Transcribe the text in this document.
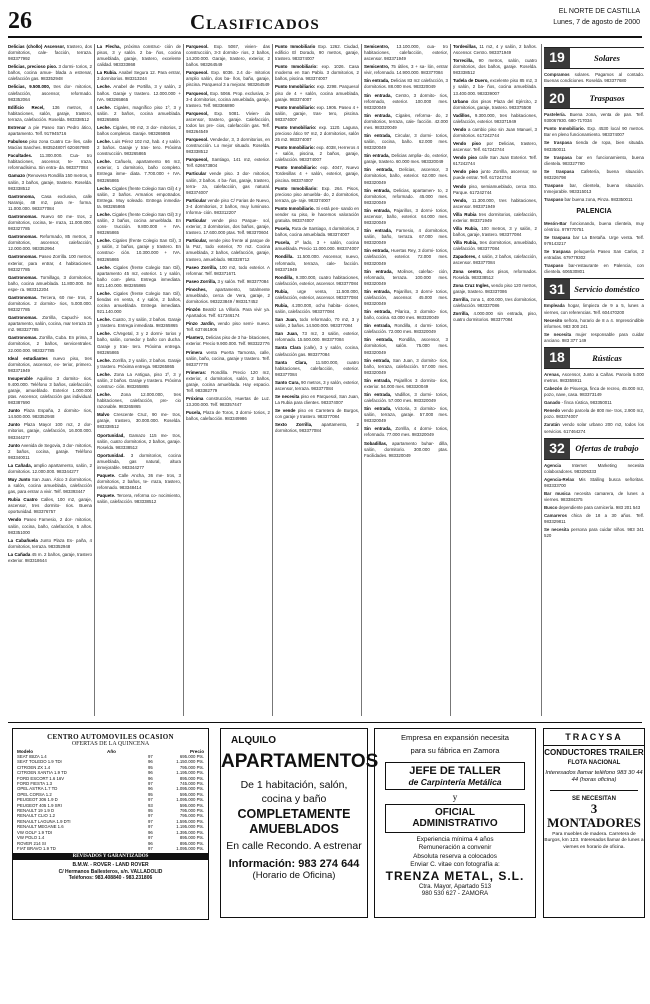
26	Clasificados	EL NORTE DE CASTILLA
Lunes, 7 de agosto de 2000

Delicias (chollo) Ascensor, trastero, dos dormitorios, cale- facción, terraza. 983377992

Delicias, precioso piso. 3 dormi- torios, 2 baños, cocina amue- blada a estrenar, calefacción gas. 983352948

Delicias, 9.500.000, tres dor- mitorios, calefacción, ascensor, reformado. 983352064

Edificio Recel, 136 metros, 4 habitaciones, salón, garaje, trastero, terraza, calefacción. Roselda. 983338512

Estrenar a pie Paseo San Pedro ático, apartamento. Telf. 917945716

Fabuloso piso zona Cuatro Ca- lles, calle Macías Sanches. 983524807/ 620467980

Facultades. 11.300.000. Cua- tro habitaciones, ascensor, te- rraza, reformadísimo. Sin entra- da. 983377084

Gamazo (Renovera Rondilla 150 metros, 5 salón, 3 baños, garaje, trastero. Roselda. 983338512

Gastronoma, Casa exclusiva, calle Naranjo, 48 m2, para re- forma. 11.000.000. 983377084

Gastronomas. Nuevo 60 me- tros, 2 dormitorios, cocina, te- rraza, 11.000.000. 983327785

Gastronomas. Reformado, 85 metros, 3 dormitorios, ascensor, calefacción, 12.000.000. 983352964

Gastronomas. Paseo Zorrilla. 100 metros, exterior, para entrar, 4 habitaciones. 983327785

Gastronomas. Tornillago, 3 dormitorios, baño, cocina amueblada. 11.800.000. Se espe- ra. 983312204

Gastronomas. Tercera, 60 me- tros, 2 dormitorios. 2 dormito- rios, 5.000.000. 983327785

Gastronomas. Zorrilla, Capuchi- nos, apartamento, salón, cocina, mar terraza 15 m2. 983327785

Gastronomas. Zorrilla, Cuba. En prima, 3 dormitorios, 2 baños, servicentrales. 22.000.000. 983327785

Ideal estudiantes nuevo piso, tres dormitorios, ascensor, ex- terior, primero. 983371949

Insuperable Aquilino 3 dormito- rios. 9.400.000. Teléfono 3 baños, calefacción, garaje, amueblado. Exterior 1.000.000 ptas. Ascensor, calefacción gas individual. 983387690

Junto Plaza España, 2 dormito- rios, 14.500.000. 983352948

Junto Plaza Mayor 100 m2, 2 dor- mitorios, garaje, calefacción, 16.000.000. 983344277

Junto Avenida de Segovia, 3 dor- mitorios, 2 baños, cocina, garaje. Teléfono 983340011

La Cañada, amplio apartamento, salón, 2 dormitorios. 12.000.000. 983344277

Muy Junto San Juan. Ático 3 dormitorios, a salón, cocina amueblada, calefacción gas, para entrar a vivir. Telf. 983393447

Rubia Cuatro Calles, 100 m2, garaje, ascensor, tres dormito- rios. Buena oportunidad. 983376757

Vendo Paseo Farnesio, 2 dor- mitorios, salón, cocina, baño, calefacción, 5 años. 983351000

La Cabañuela Junto Plaza Es- paña, 4 dormitorios, terraza. 983352948

La Cañada 45 m. 2 baños, garaje, trastero exterior. 983318644

La Flecha, próxima construc- ción de pisos, 3 y salón. 2 ba- ños, cocina amueblada, garaje, trastero, excelente calidad. 983333868

La Rubia. Anabel Segura 12. Para entrar, 3 dormitorios. 983313244

Leche. Anabel de Portilla, 3 y salón, 2 baños. Garaje y trastero. 12.000.000 + IVA. 983265865

Leche. Cigales, magnífico piso 1º, 3 y salón. 2 baños, cocina amueblada. 983265865

Leche. Cigales, 90 m2, 3 dor- mitorios, 2 baños completos. Garaje. 983265865

Leche. Luis Pérez 102 m2, hab. 4 y salón. 2 baños. Garaje y tras- tero. Próxima construcción. 983265865

Leche. Cañuelo, apartamento 66 m2, exterior, 1 dormitorio, baño completo. Entrega inme- diata. 7.700.000 + IVA. 983265865

Leche. Cigales (frente Colegio San Gil) 4 y salón, 2 baños. Armarios empotrados. Entrega. Muy soleado. Entrega inmedia- ta. 983265865

Leche. Cigales (frente Colegio San Gil) 3 y salón, 2 baños, cocina amueblada. En cons- trucción. 9.800.000 + IVA. 983265865

Leche. Cigales (frente Colegio San Gil), 3 y salón, 2 baños, garaje y trastero. En construc- ción. 10.300.000 + IVA. 983265865

Leche. Cigales (frente Colegio San Gil), apartamento 45 m2, exterior. 1 y salón, baño com- pleto. Entrega inmediata. 921.140.000. 983265865

Leche. Cigales (frente Colegio San Gil), tiendas en venta, 4 y salón, 2 baños, cocina amueblada. Entrega inmediata. 921.140.000

Leche. Cuatro, 3 y salón, 2 baños. Garaje y trastero. Entrega inmediata. 983265865

Leche. C/Vegetal, 3 y 2 dormi- torios y baño, salón, comedor y baño con ducha. Garaje y tras- tero. Próxima entrega. 983265865

Leche. Zorrilla, 2 y salón, 2 baños. Garaje y trastero. Próxima entrega. 983265865

Leche. Zona La Antigua, piso 1º, 3 y salón, 2 baños. Garaje y trastero. Próxima construc- ción. 983265865

Leche. Zona 12.000.000, tres habitaciones, calefacción, pre- cio razonable. 983265865

Malvo Crescente Cruz, 90 me- tros, garaje, trastero, 30.000.000. Roselda. 983338512

Oportunidad, Gamazo 115 me- tros, salón, cuatro dormitorios, 2 baños, garaje. Roselda. 983338512

Oportunidad. 3 dormitorios, cocina amueblada, gas natural, altura inmejorable. 983344277

Paquete. Calle Ancha, 36 me- tros, 3 dormitorios, 2 baños, te- rraza, trastero, reformado. 983348414

Paquete. Tercera, reforma co- nocimiento, salón, calefacción. 983338512

Parquesol. Exp. 5067, vivien- das construcción, 3-3 dormito- rios, 2 baños, 14.200.000. Garaje, trastero, exterior, 2 baños. 983264549

Parquesol. Exp. 6036. 2.4 do- mitorios amplio salón, dos ba- ños, baño, garaje, piscina. Parquesol 3 a mejorar. 983264549

Parquesol, Exp. 5066. Prop. exclusiva, 2-3-4 dormitorios, cocina amueblada, garaje, trastero. Telf. 983366890

Parquesol, Exp. 5081. Vivien- da ascensor, trastero, garaje. Calefacción, todos los pre- cios, calefacción gas. Telf. 983264549

Parquesol. Vendedor, 3, 3 dormitorios, en construcción. Lo mejor situado. Roselda. 983338512

Parquesol, Santiago, 141 m2, exterior. Telf. 626673804

Particular vende piso. 3 dor- mitorios, salón, 2 baños. 4 ba- ños, garaje, trastero, terra- za, calefacción, gas natural. 983374007

Particular vende piso C/ Farias de Nuevo, 3-4 dormitorios, 2 baños, muy luminoso. Informa- ción. 983312207

Particular vende piso Parque- sol, exterior, 3 dormitorios, dos baños, garaje, trastero. 17.600.000 ptas. Telf. 983370604

Particular, vende piso frente al parque de la Paz, todo exterior, 70 m2. Cocina amueblada, 2 baños, calefacción, garaje, trastero, amueblado. 983328712

Paseo Zorrilla, 100 m2, todo exterior. A reformar. Telf. 983371671

Paseo Zorrilla, 3 y salón. Telf. 983377084

Pinoches, apartamento, totalmente amueblado, cerca de Vera, garaje, 2 dormitorios. 983223849 / 983317452

Pinzón Beatriz La Villoria. Para vivir ya. Apartados. Telf. 617346174

Pinzo Jardín, vendo piso semi- nuevo. Telf. 637461906

Planterz, Delicias piso de 3 ha- bitaciones, exterior. Precio 9.900.000. Telf. 983322776

Primera venta Puerta Tarnonta, calle, salón, baño, cocina, garaje y trastero. Telf. 983377778

Primeras: Rondilla. Precio 120 m2, exterior, 4 dormitorios, salón, 2 baños, garaje, cocina amueblada. Hay espacio. Telf. 983382779

Próxima construcción, Huertas de Luz. 13.200.000. Telf. 983357447

Pucela, Plaza de Toros, 3 dormi- torios, 2 baños, calefacción. 983349986

Punto Inmobiliario Exp. 1262. Ciudad, edificio El Dorado, 90 metros, garaje, trastero. 983374007

Punto Inmobiliario: exp. 1026. Casa moderna en San Pablo. 3 dormitorios, 2 baños, piscina. 983374007

Punto Inmobiliario: exp. 2298. Parquesol piso de 4 + salón, cocina amueblada, garaje. 983374007

Punto Inmobiliario: exp. 1906. Paseo 4 + salón, garaje, tras- tero, piscina. 983374007

Punto Inmobiliario: exp. 1120. Laguna, precioso ático 97 m2, 2 dormitorios, salón 25 m2. 983374007

Punto Inmobiliario: exp. 4038, Herreros 4 + salón, piscina, 2 baños, garaje, calefacción. 983374007

Punto Inmobiliario: exp. 4047, Nuevo Tordesillas 4 + salón, exterior, garaje, piscina. 983374007

Punto Inmobiliario: Exp. 264. Pisos, precioso piso amuebla- do, 2 dormitorios, terraza, ga- raje. 983374007

Punto Inmobiliario. Si está pen- sando en vender su piso, le hacemos valoración gratuita. 983374007

Pucela, Ruta de Santiago, 4 dormitorios, 2 baños, cocina amueblada. 983374007

Pucela, 2ª lado, 3 + salón, cocina amueblada. Precio 11.000.000. 983374007

Rondilla. 11.500.000. Ascensor, nuevo, reformado, terraza, cale- facción. 983371949

Rondilla, 9.300.000, cuatro habitaciones, calefacción, exterior, ascensor. 983377084

Rubia, urge venta, 11.500.000, calefacción, exterior, ascensor. 983377084

Rubia, 4.200.000, ocho habita- ciones, salón, calefacción. 983377084

San Juan, todo reformado, 70 m2, 3 y salón, 2 baños. 14.500.000. 983377084

San Juan, 73 m2, 3 salón, exterior, reformado. 15.500.000. 983377084

Santa Clara (calle), 3 y salón, cocina, calefacción gas. 983377084

Santa Clara, 11.500.000, cuatro habitaciones, calefacción, exterior. 983377084

Santo Cura, 90 metros, 3 y salón, exterior, ascensor, terraza. 983377084

Se necesita piso en Parquesol, San Juan, La Rubia para clientes. 983374007

Se vende piso en Carretera de Burgos, con garaje y trastero. 983377084

Sexto Zorrilla, apartamento, 2 dormitorios, 983377084

Semicentro, 13.100.000, cua- tro habitaciones, calefacción, exterior, ascensor. 983371949

Semicentro, 75 útiles, 3 + sa- lón, entrar vivir, reformado. 14.900.000. 983377084

Sin entrada, Delicias 83 m2 calefacción, 3 dormitorios. 88.000 mes. 983320049

Sin entrada, Centro, 3 dormito- rios, reformado, exterior. 100.000 mes. 983320049

Sin entrada, Cigales, reforma- do, 2 dormitorios, terraza, cale- facción. 42.000 mes. 983320049

Sin entrada, Circular, 3 dormi- torios, salón, cocina, baño. 62.000 mes. 983320049

Sin entrada, Delicias amplia- do, exterior, garaje, trastero. 60.000 mes. 983320049

Sin entrada, Delicias, ascensor, 3 dormitorios, baño, exterior. 62.000 mes. 983320049

Sin entrada, Delicias, apartamen- to, 2 dormitorios, reformado. 45.000 mes. 983320049

Sin entrada, Pajarillos, 3 dormi- torios, ascensor, baño, exterior. 64.000 mes. 983320049

Sin entrada, Farnesio, 4 dormitorios, salón, baño, terraza. 67.000 mes. 983320049

Sin entrada, Huertas Rey, 3 dormi- torios, calefacción, exterior. 72.000 mes. 983320049

Sin entrada, Molinos, calefac- ción, reformado, terraza. 100.000 mes. 983320049

Sin entrada, Pajarillos, 3 dormi- torios, calefacción, ascensor. 45.000 mes. 983320049

Sin entrada, Pilarica, 3 dormito- rios, baño, cocina. 63.000 mes. 983320049

Sin entrada, Rondilla, 4 dormi- torios, calefacción. 72.000 mes. 983320049

Sin entrada, Rondilla, ascensor, 3 dormitorios, salón. 75.000 mes. 983320049

Sin entrada, San Juan, 3 dormito- rios, baño, terraza, calefacción. 57.000 mes. 983320049

Sin entrada, Pajarillos 3 dormito- rios, exterior. 54.000 mes. 983320049

Sin entrada, Vadillos, 3 dormi- torios, calefacción. 57.000 mes. 983320049

Sin entrada, Victoria, 3 dormito- rios, salón, terraza, garaje. 57.000 mes. 983320049

Sin entrada, Zorrilla, 4 dormi- torios, reformado. 77.000 mes. 983320049

Sobadillas, apartamento buhar- dilla, salón, dormitorio. 300.000 ptas. Facilidades. 983320049

Tordesillas, 11 m2, 4 y salón, 2 baños. Ascensor. Centro. 983371949

Torrecilla, 90 metros, salón, cuatro dormitorios, dos baños, garaje. Roselda. 983338512

Tudela de Duero, excelente piso 85 m2, 3 y salón, 2 ba- ños, cocina amueblada. 13.400.000. 983339007

Urbano dos pisos Plaza del Ejército, 2 dormitorios, garaje, trastero. 983375508

Vadillos, 9.300.000, tres habitaciones, calefacción, exterior. 983371949

Vendo a cambio piso sin Juan Manuel, 3 dormitorios. 617242744

Vendo piso por Delicias, trastero, ascensor. Telf. 617242744

Vendo piso calle San Juan Exterior. Telf. 617242744

Vendo piso junto Zorrilla, ascensor, se puede entrar. Telf. 617242744

Vendo piso, semiamueblado, cerca Sto. Parque. 617242744

Vendo, 11.300.000, tres habitaciones, ascensor. 983371949

Villa Rubia tres dormitorios, calefacción, exterior. 983371949

Villa Rubia, 100 metros, 3 y salón, 2 baños, garaje, trastero. 983377084

Villa Rubia, tres dormitorios, amueblado, calefacción. 983377084

Zapadores, 4 salón, 2 baños, calefacción, ascensor. 983377084

Zona centro, dos pisos, reformados. Roselda. 983338512

Zona Cruz Ingles, vendo piso 120 metros, garaje, trastero. 983337086

Zorrilla, zona 1, 400.000, tres dormitorios, calefacción. 983337086

Zorrilla, 4.000.000 sin entrada, piso, cuatro dormitorios. 983377084

19	Solares

Compramos solares. Pagamos al contado. Buenas condiciones. Roselda. 983377680

20	Traspasos

Pastelería. Buena zona, venta de pan. Telf. 930067930. 680-717034

Punto Inmobiliario. Exp. 4530 local 90 metros. Bar en pleno funcionamiento. 983374007

Se traspasa tienda de ropa, bien situada. 983350011

Se traspasa bar en funcionamiento, buena clientela. 983327780

Se traspasa Cafetería, buena situación. 983226798

Traspaso bar, clientela, buena situación. Inmejorable. 983315013

Traspaso bar buena zona, Pinza. 983350011

PALENCIA

Mesón-Bar funcionando, buena clientela, muy céntrico. 979770751

Se traspasa bar La Bretaña. Urge venta. Telf. 979143217

Se traspasa peluquería Paseo San Carlos, 2 entradas. 679779302

Traspaso bar-restaurante en Palencia, con clientela. 606530801

31	Servicio doméstico

Empleada hogar, limpieza de 9 a 5, lunes a viernes, con referencias. Telf. 604470200

Necesito señora, horario de 8 a 4. Imprescindible informes. 983 300 241

Se necesita mujer responsable para cuidar anciano. 983 377 149

18	Rústicas

Arenas, Ascensor, Junto a Cañas. Parcela 5.000 metros. 983355911

Cabezón de Pisuerga, finca de recreo, 45.000 m2, pozo, nave, casa. 983373149

Ganado - finca rústica, 983350011

Renedo vendo parcela de 800 me- tros, 2.900 m2, pozo. 983374007

Zaratán vendo solar urbano 200 m2, todos los servicios. 617464274

32	Ofertas de trabajo

Agencia Internet Marketing necesita colaboradores. 983206333

Agencia-Relax Mis Stalling busca señoritas. 983333700

Bar musica necesita camarera, de lunes a viernes. 983384375

Busco dependiente para carnicería. 983 201 543

Camareros chica de 18 a 30 años. Telf. 983329811

Se necesita persona para cuidar niños. 983 341 520

CENTRO AUTOMOVILES OCASION
OFERTAS DE LA QUINCENA
Modelo	Año	Precio
SEAT IBIZA 1.4	97	695.000 Pts.
SEAT TOLEDO 1.9 TDI	96	1.150.000 Pts.
CITROEN ZX 1.4	95	795.000 Pts.
CITROEN XANTIA 1.9 TD	96	1.195.000 Pts.
FORD ESCORT 1.6 16V	96	895.000 Pts.
FORD FIESTA 1.3	97	745.000 Pts.
OPEL ASTRA 1.7 TD	96	1.095.000 Pts.
OPEL CORSA 1.2	95	595.000 Pts.
PEUGEOT 306 1.9 D	97	1.095.000 Pts.
PEUGEOT 405 1.9 SRI	93	595.000 Pts.
RENAULT 19 1.9 D	95	795.000 Pts.
RENAULT CLIO 1.2	97	795.000 Pts.
RENAULT LAGUNA 1.9 DTI	97	1.595.000 Pts.
RENAULT MEGANE 1.6	97	1.195.000 Pts.
VW GOLF 1.9 TDI	96	1.395.000 Pts.
VW POLO 1.4	97	895.000 Pts.
ROVER 214 SI	96	895.000 Pts.
FIAT BRAVO 1.9 TD	97	1.095.000 Pts.
REVISADOS Y GARANTIZADOS
B.M.W. - ROVER - LAND ROVER
C/ Hermanos Ballesteros, s/n. VALLADOLID
Teléfonos: 983.408840 - 983.231806
ALQUILO
APARTAMENTOS
De 1 habitación, salón,
cocina y baño
COMPLETAMENTE
AMUEBLADOS
En calle Recondo. A estrenar
Información: 983 274 644
(Horario de Oficina)
Empresa en expansión necesita
para su fábrica en Zamora
JEFE DE TALLER
de Carpintería Metálica
y
OFICIAL
ADMINISTRATIVO
Experiencia mínima 4 años
Remuneración a convenir
Absoluta reserva a colocados
Enviar C. vitae con fotografía a:
TRENZA METAL, S.L.
Ctra. Mayor, Apartado 513
980 530 627 - ZAMORA
TRACYSA
CONDUCTORES TRAILER
FLOTA NACIONAL
Interesados llamar teléfono 983 30 44 44 (horas oficina)
SE NECESITAN
3 MONTADORES
Para muebles de madera. Carretera de Burgos, km 123. Interesados llamar de lunes a viernes en horario de oficina.
